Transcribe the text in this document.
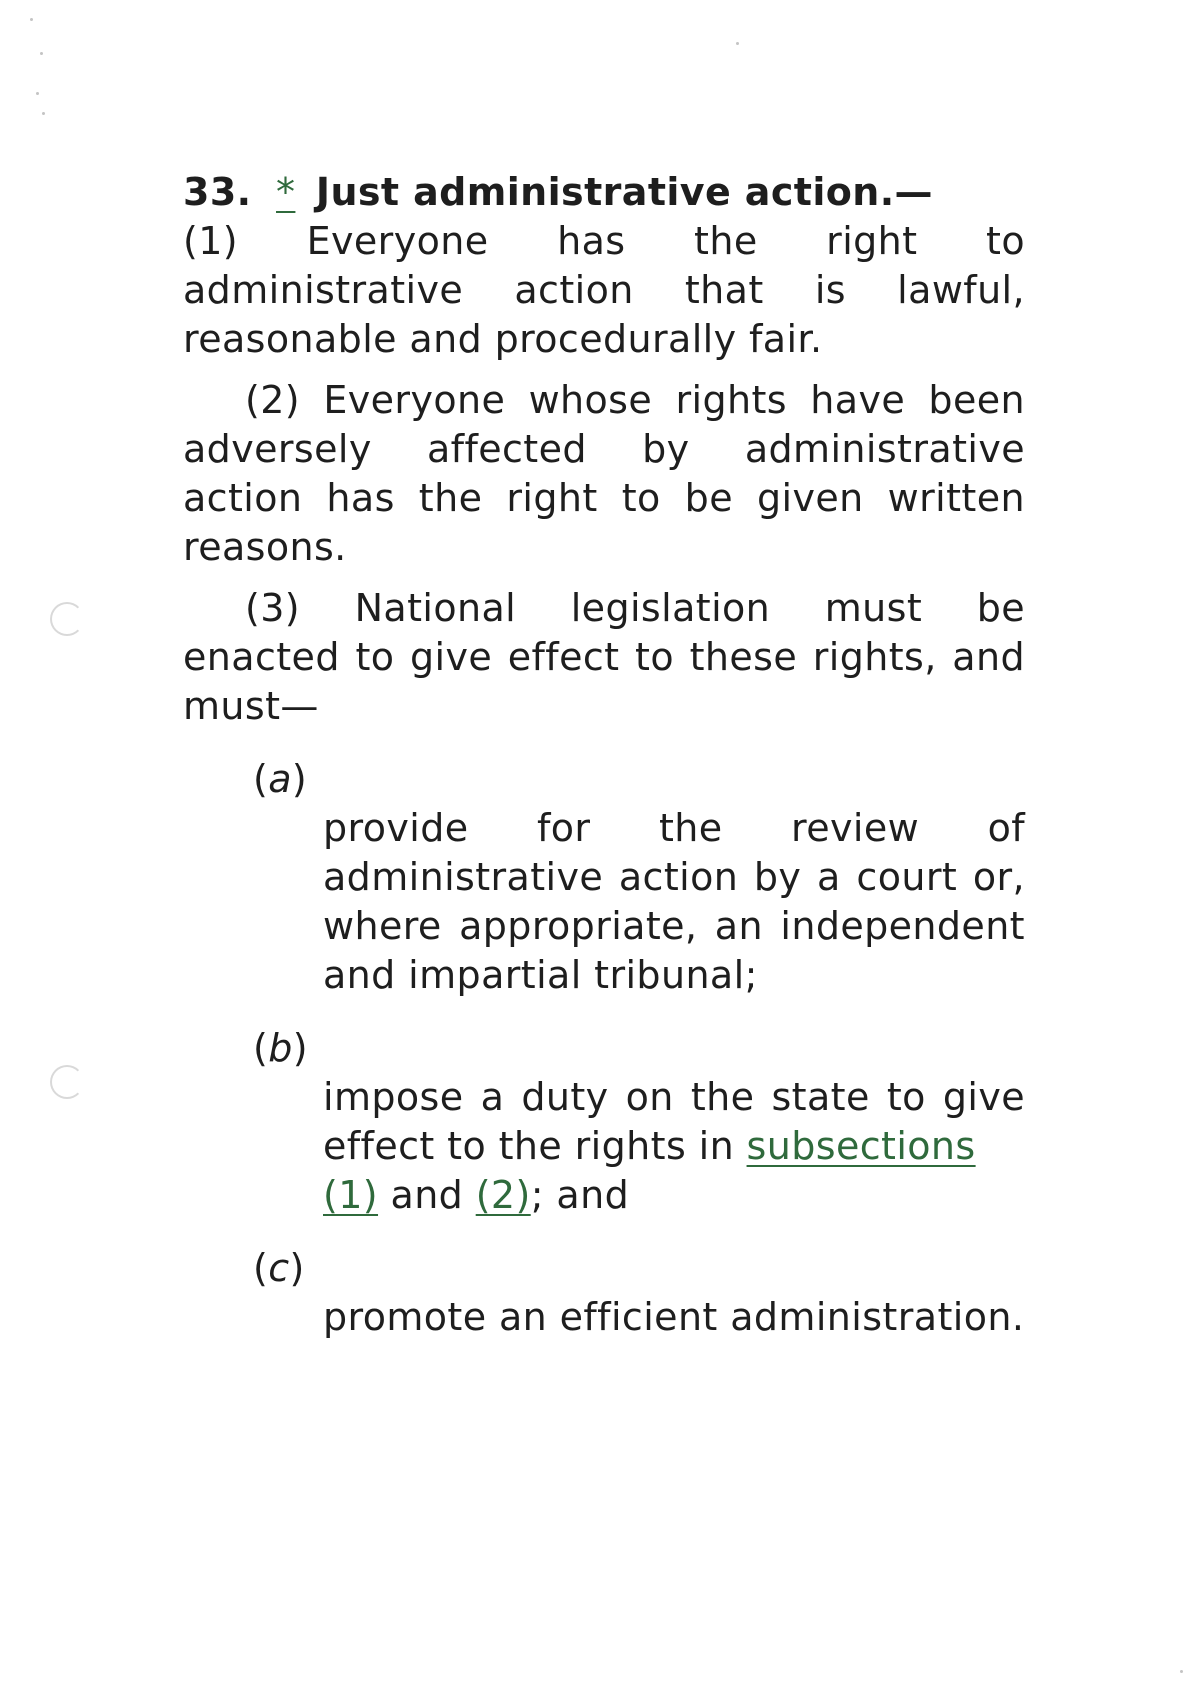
33. * Just administrative action.—

(1) Everyone has the right to administrative action that is lawful, reasonable and procedurally fair.

(2) Everyone whose rights have been adversely affected by administrative action has the right to be given written reasons.

(3) National legislation must be enacted to give effect to these rights, and must—

(a)

provide for the review of administrative action by a court or, where appropriate, an independent and impartial tribunal;

(b)

impose a duty on the state to give effect to the rights in subsections
(1) and (2); and

(c)

promote an efficient administration.
